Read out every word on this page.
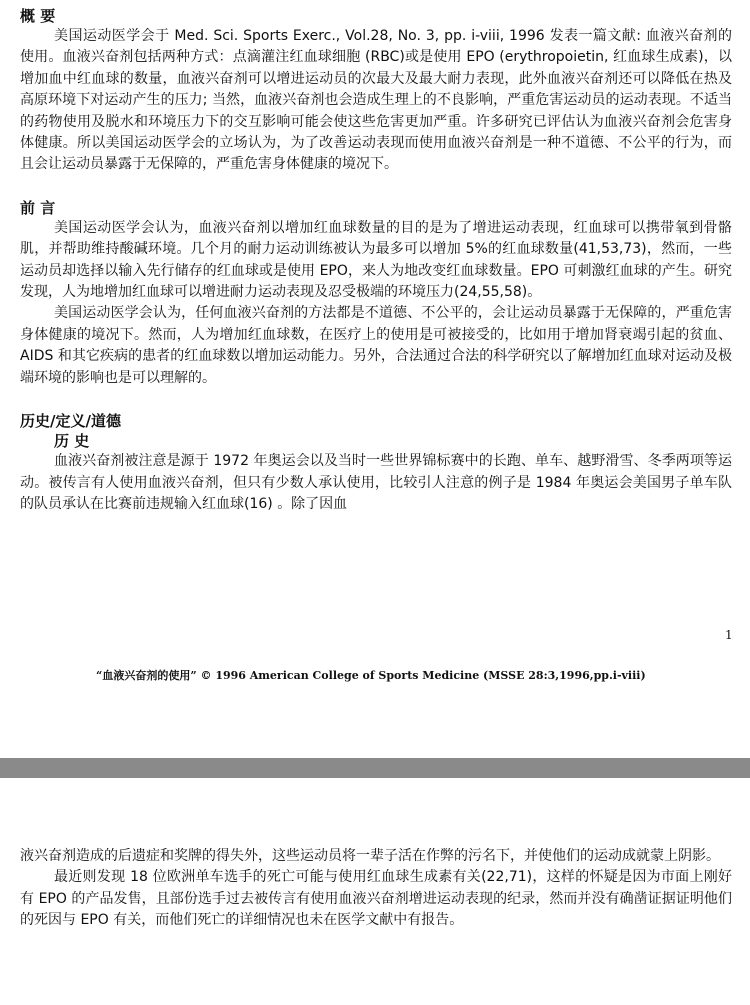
概 要

美国运动医学会于 Med. Sci. Sports Exerc., Vol.28, No. 3, pp. i-viii, 1996 发表一篇文献: 血液兴奋剂的使用。血液兴奋剂包括两种方式：点滴灌注红血球细胞 (RBC)或是使用 EPO (erythropoietin, 红血球生成素)，以增加血中红血球的数量，血液兴奋剂可以增进运动员的次最大及最大耐力表现，此外血液兴奋剂还可以降低在热及高原环境下对运动产生的压力; 当然，血液兴奋剂也会造成生理上的不良影响，严重危害运动员的运动表现。不适当的药物使用及脱水和环境压力下的交互影响可能会使这些危害更加严重。许多研究已评估认为血液兴奋剂会危害身体健康。所以美国运动医学会的立场认为，为了改善运动表现而使用血液兴奋剂是一种不道德、不公平的行为，而且会让运动员暴露于无保障的，严重危害身体健康的境况下。

前 言

美国运动医学会认为，血液兴奋剂以增加红血球数量的目的是为了增进运动表现，红血球可以携带氧到骨骼肌，并帮助维持酸碱环境。几个月的耐力运动训练被认为最多可以增加 5%的红血球数量(41,53,73)，然而，一些运动员却选择以输入先行储存的红血球或是使用 EPO，来人为地改变红血球数量。EPO 可刺激红血球的产生。研究发现，人为地增加红血球可以增进耐力运动表现及忍受极端的环境压力(24,55,58)。

美国运动医学会认为，任何血液兴奋剂的方法都是不道德、不公平的，会让运动员暴露于无保障的，严重危害身体健康的境况下。然而，人为增加红血球数，在医疗上的使用是可被接受的，比如用于增加肾衰竭引起的贫血、AIDS 和其它疾病的患者的红血球数以增加运动能力。另外，合法通过合法的科学研究以了解增加红血球对运动及极端环境的影响也是可以理解的。

历史/定义/道德
历 史

血液兴奋剂被注意是源于 1972 年奥运会以及当时一些世界锦标赛中的长跑、单车、越野滑雪、冬季两项等运动。被传言有人使用血液兴奋剂，但只有少数人承认使用，比较引人注意的例子是 1984 年奥运会美国男子单车队的队员承认在比赛前违规输入红血球(16) 。除了因血

1
“血液兴奋剂的使用” © 1996 American College of Sports Medicine (MSSE 28:3,1996,pp.i-viii)

液兴奋剂造成的后遗症和奖牌的得失外，这些运动员将一辈子活在作弊的污名下，并使他们的运动成就蒙上阴影。

最近则发现 18 位欧洲单车选手的死亡可能与使用红血球生成素有关(22,71)，这样的怀疑是因为市面上刚好有 EPO 的产品发售，且部份选手过去被传言有使用血液兴奋剂增进运动表现的纪录，然而并没有确凿证据证明他们的死因与 EPO 有关，而他们死亡的详细情况也未在医学文献中有报告。
